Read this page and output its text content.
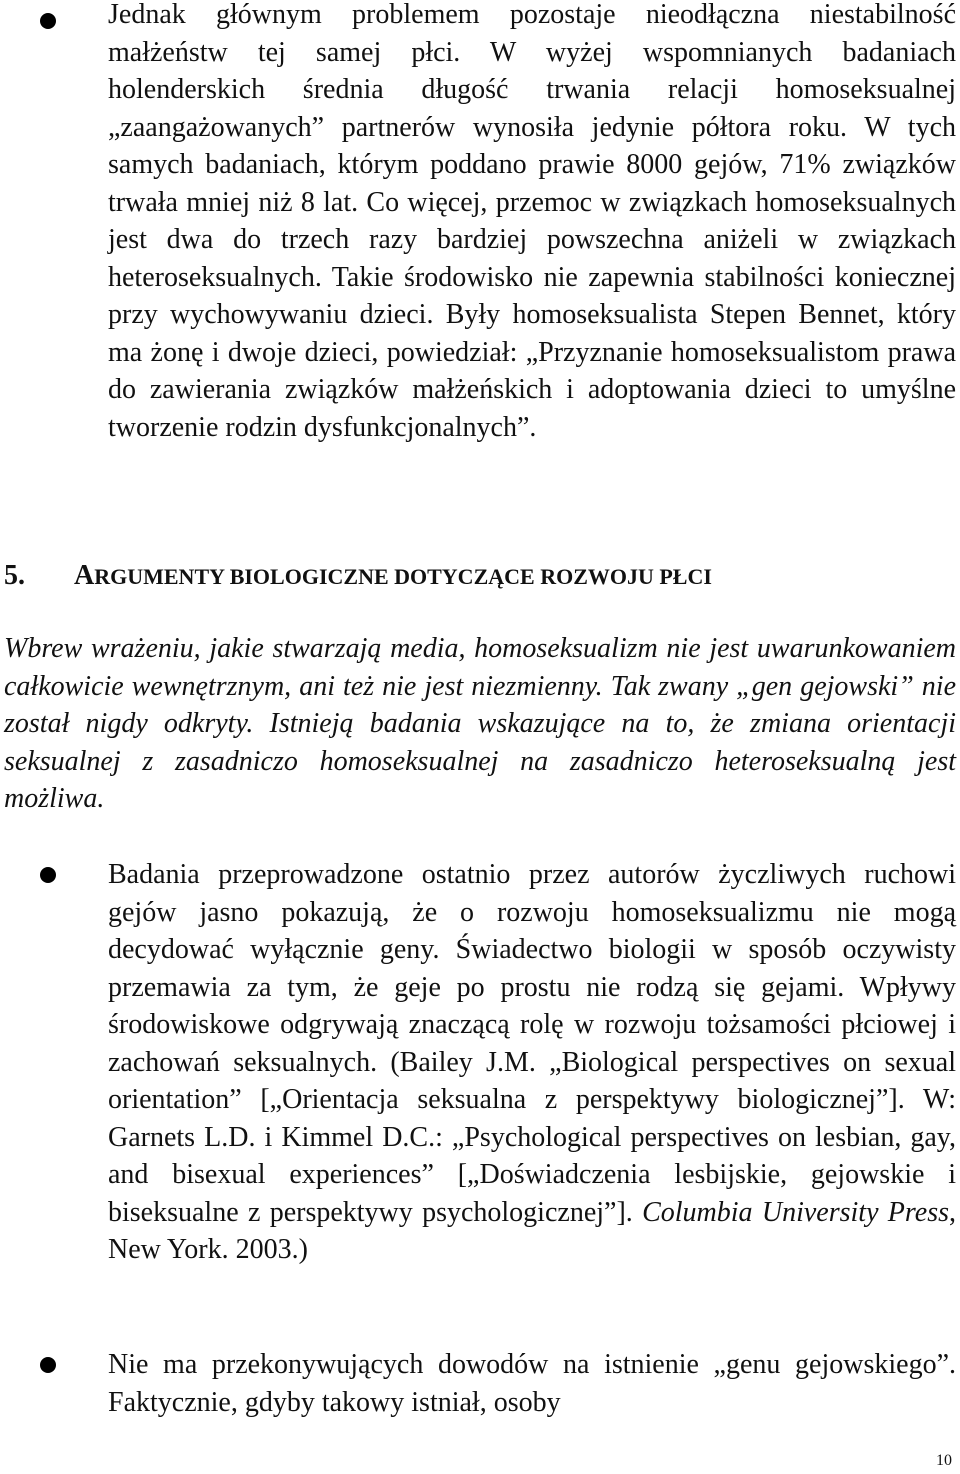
Jednak głównym problemem pozostaje nieodłączna niestabilność małżeństw tej samej płci. W wyżej wspomnianych badaniach holenderskich średnia długość trwania relacji homoseksualnej „zaangażowanych” partnerów wynosiła jedynie półtora roku. W tych samych badaniach, którym poddano prawie 8000 gejów, 71% związków trwała mniej niż 8 lat. Co więcej, przemoc w związkach homoseksualnych jest dwa do trzech razy bardziej powszechna aniżeli w związkach heteroseksualnych. Takie środowisko nie zapewnia stabilności koniecznej przy wychowywaniu dzieci. Były homoseksualista Stepen Bennet, który ma żonę i dwoje dzieci, powiedział: „Przyznanie homoseksualistom prawa do zawierania związków małżeńskich i adoptowania dzieci to umyślne tworzenie rodzin dysfunkcjonalnych”.

5. ARGUMENTY BIOLOGICZNE DOTYCZĄCE ROZWOJU PŁCI

Wbrew wrażeniu, jakie stwarzają media, homoseksualizm nie jest uwarunkowaniem całkowicie wewnętrznym, ani też nie jest niezmienny. Tak zwany „gen gejowski” nie został nigdy odkryty. Istnieją badania wskazujące na to, że zmiana orientacji seksualnej z zasadniczo homoseksualnej na zasadniczo heteroseksualną jest możliwa.

Badania przeprowadzone ostatnio przez autorów życzliwych ruchowi gejów jasno pokazują, że o rozwoju homoseksualizmu nie mogą decydować wyłącznie geny. Świadectwo biologii w sposób oczywisty przemawia za tym, że geje po prostu nie rodzą się gejami. Wpływy środowiskowe odgrywają znaczącą rolę w rozwoju tożsamości płciowej i zachowań seksualnych. (Bailey J.M. „Biological perspectives on sexual orientation” [„Orientacja seksualna z perspektywy biologicznej”]. W: Garnets L.D. i Kimmel D.C.: „Psychological perspectives on lesbian, gay, and bisexual experiences” [„Doświadczenia lesbijskie, gejowskie i biseksualne z perspektywy psychologicznej”]. Columbia University Press, New York. 2003.)

Nie ma przekonywujących dowodów na istnienie „genu gejowskiego”. Faktycznie, gdyby takowy istniał, osoby

10
